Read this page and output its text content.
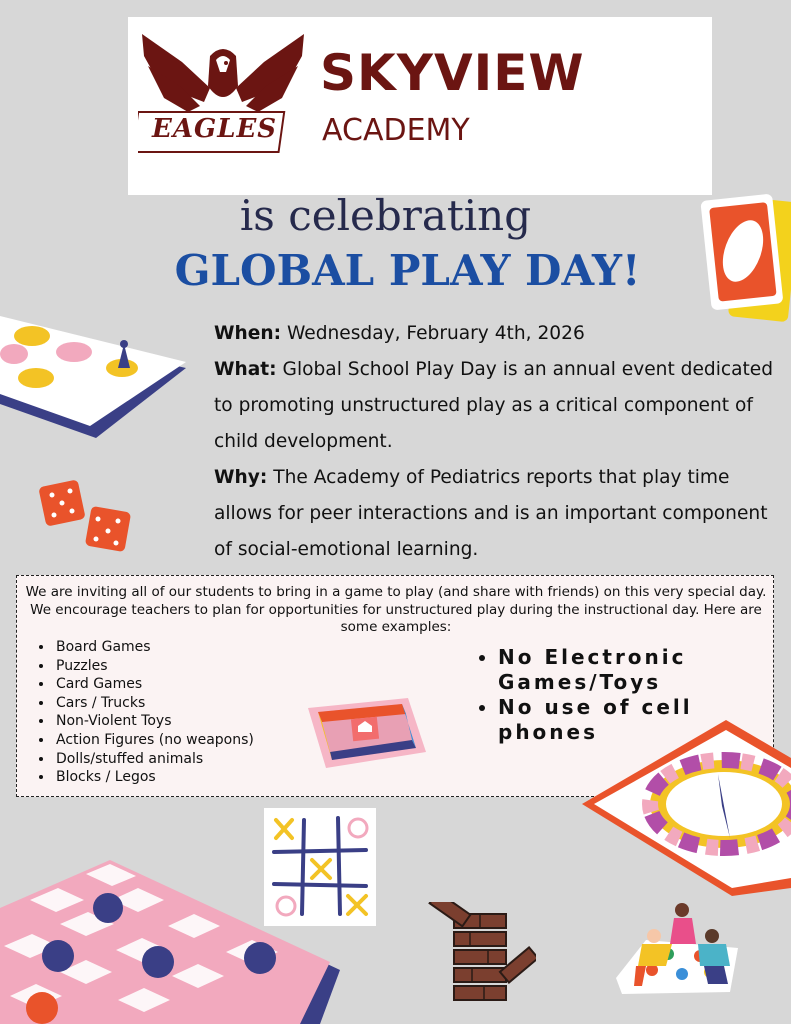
EAGLES
SKYVIEW
ACADEMY
is celebrating
GLOBAL PLAY DAY!

When: Wednesday, February 4th, 2026

What: Global School Play Day is an annual event dedicated to promoting unstructured play as a critical component of child development.

Why: The Academy of Pediatrics reports that play time allows for peer interactions and is an important component of social-emotional learning.

We are inviting all of our students to bring in a game to play (and share with friends) on this very special day. We encourage teachers to plan for opportunities for unstructured play during the instructional day. Here are some examples:
• Board Games
• Puzzles
• Card Games
• Cars / Trucks
• Non-Violent Toys
• Action Figures (no weapons)
• Dolls/stuffed animals
• Blocks / Legos
• No Electronic Games/Toys
• No use of cell phones
